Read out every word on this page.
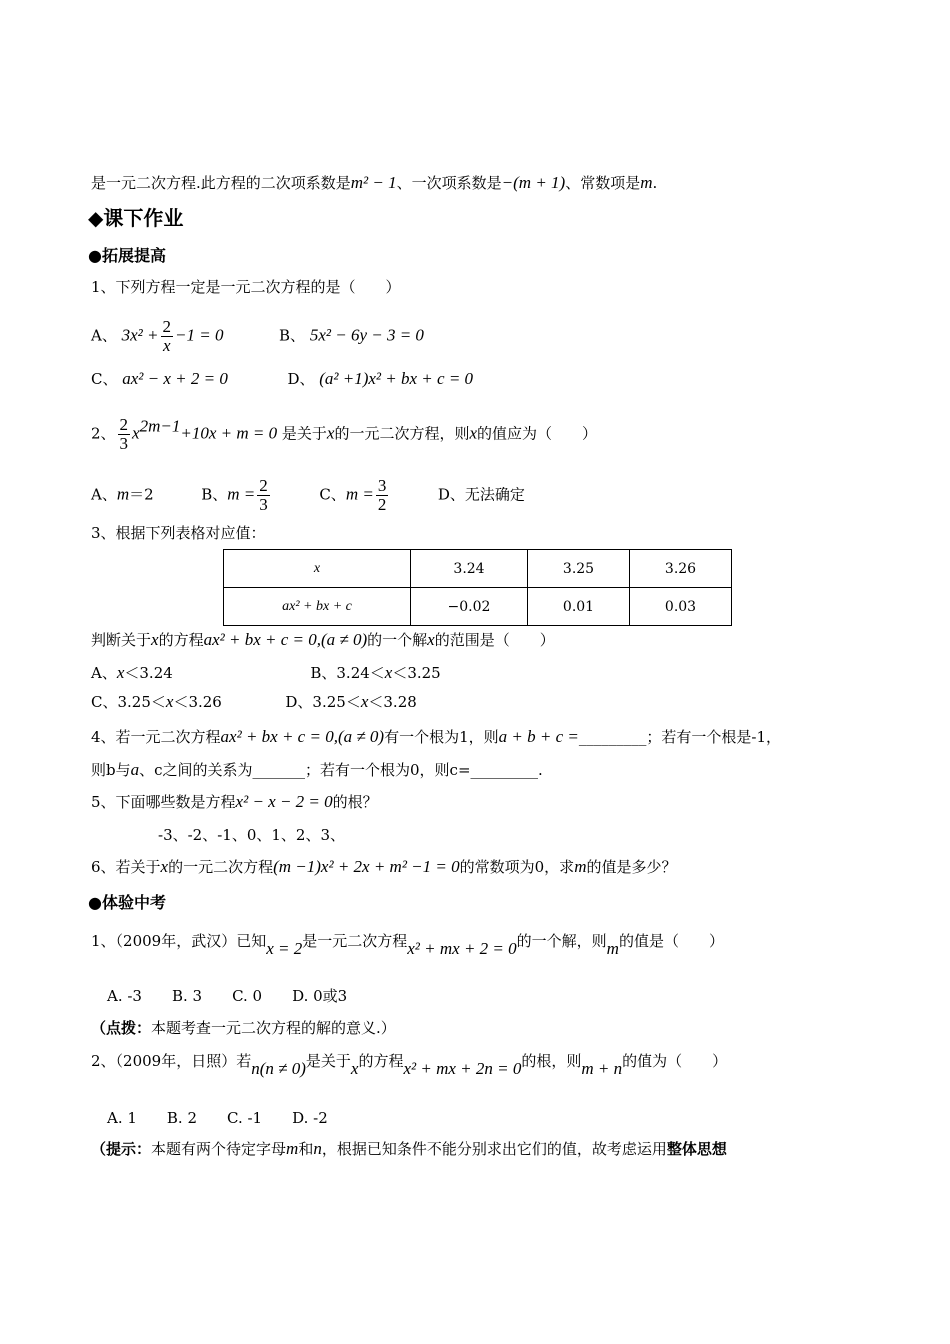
是一元二次方程.此方程的二次项系数是m² − 1、一次项系数是−(m + 1)、常数项是m.
◆课下作业
●拓展提高
1、下列方程一定是一元二次方程的是（　　）
A、 $3x^2 + \frac{2}{x} -1 = 0$	B、 5x² − 6y − 3 = 0
C、 ax² − x + 2 = 0	D、 (a² +1)x² + bx + c = 0
2、 $\frac{2}{3} x^{2m-1}+10x + m = 0$ 是关于x的一元二次方程，则x的值应为（　　）
A、m＝2	B、$m = \frac{2}{3}$	C、$m = \frac{3}{2}$	D、无法确定
3、根据下列表格对应值：
x	3.24	3.25	3.26
ax² + bx + c	−0.02	0.01	0.03
判断关于x的方程ax² + bx + c = 0,(a ≠ 0)的一个解x的范围是（　　）
A、x＜3.24	B、3.24＜x＜3.25
C、3.25＜x＜3.26	D、3.25＜x＜3.28
4、若一元二次方程ax² + bx + c = 0,(a ≠ 0)有一个根为1，则a + b + c =_________；若有一个根是-1，
则b与a、c之间的关系为_______；若有一个根为0，则c=_________.
5、下面哪些数是方程x² − x − 2 = 0的根？
-3、-2、-1、0、1、2、3、
6、若关于x的一元二次方程(m −1)x² + 2x + m² −1 = 0的常数项为0，求m的值是多少？
●体验中考
1、（2009年，武汉）已知x = 2是一元二次方程x² + mx + 2 = 0的一个解，则m的值是（　　）
A. -3　　B. 3　　C. 0　　D. 0或3
（点拨：本题考查一元二次方程的解的意义.）
2、（2009年，日照）若n(n ≠ 0)是关于x的方程x² + mx + 2n = 0的根，则m + n的值为（　　）
A. 1　　B. 2　　C. -1　　D. -2
（提示：本题有两个待定字母m和n，根据已知条件不能分别求出它们的值，故考虑运用整体思想
